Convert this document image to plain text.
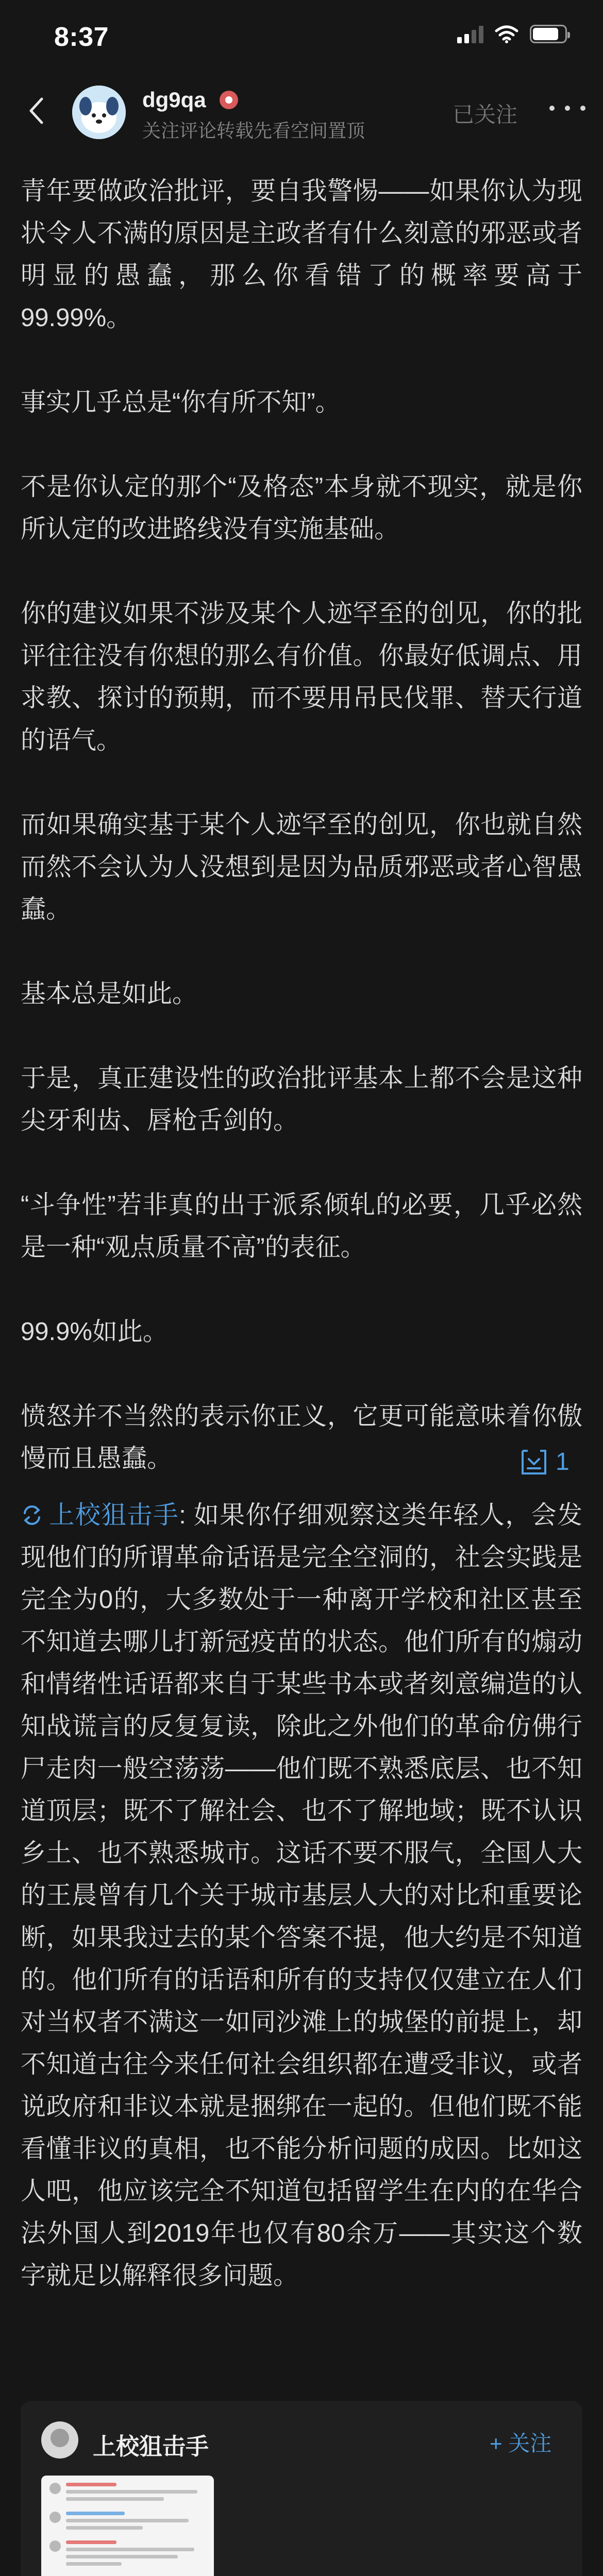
8:37
dg9qa
关注评论转载先看空间置顶
已关注

青年要做政治批评，要自我警惕——如果你认为现状令人不满的原因是主政者有什么刻意的邪恶或者明显的愚蠢，那么你看错了的概率要高于99.99%。

事实几乎总是“你有所不知”。

不是你认定的那个“及格态”本身就不现实，就是你所认定的改进路线没有实施基础。

你的建议如果不涉及某个人迹罕至的创见，你的批评往往没有你想的那么有价值。你最好低调点、用求教、探讨的预期，而不要用吊民伐罪、替天行道的语气。

而如果确实基于某个人迹罕至的创见，你也就自然而然不会认为人没想到是因为品质邪恶或者心智愚蠢。

基本总是如此。

于是，真正建设性的政治批评基本上都不会是这种尖牙利齿、唇枪舌剑的。

“斗争性”若非真的出于派系倾轧的必要，几乎必然是一种“观点质量不高”的表征。

99.9%如此。

愤怒并不当然的表示你正义，它更可能意味着你傲慢而且愚蠢。	1
上校狙击手: 如果你仔细观察这类年轻人，会发现他们的所谓革命话语是完全空洞的，社会实践是完全为0的，大多数处于一种离开学校和社区甚至不知道去哪儿打新冠疫苗的状态。他们所有的煽动和情绪性话语都来自于某些书本或者刻意编造的认知战谎言的反复复读，除此之外他们的革命仿佛行尸走肉一般空荡荡——他们既不熟悉底层、也不知道顶层；既不了解社会、也不了解地域；既不认识乡土、也不熟悉城市。这话不要不服气，全国人大的王晨曾有几个关于城市基层人大的对比和重要论断，如果我过去的某个答案不提，他大约是不知道的。他们所有的话语和所有的支持仅仅建立在人们对当权者不满这一如同沙滩上的城堡的前提上，却不知道古往今来任何社会组织都在遭受非议，或者说政府和非议本就是捆绑在一起的。但他们既不能看懂非议的真相，也不能分析问题的成因。比如这人吧，他应该完全不知道包括留学生在内的在华合法外国人到2019年也仅有80余万——其实这个数字就足以解释很多问题。
上校狙击手	+ 关注
